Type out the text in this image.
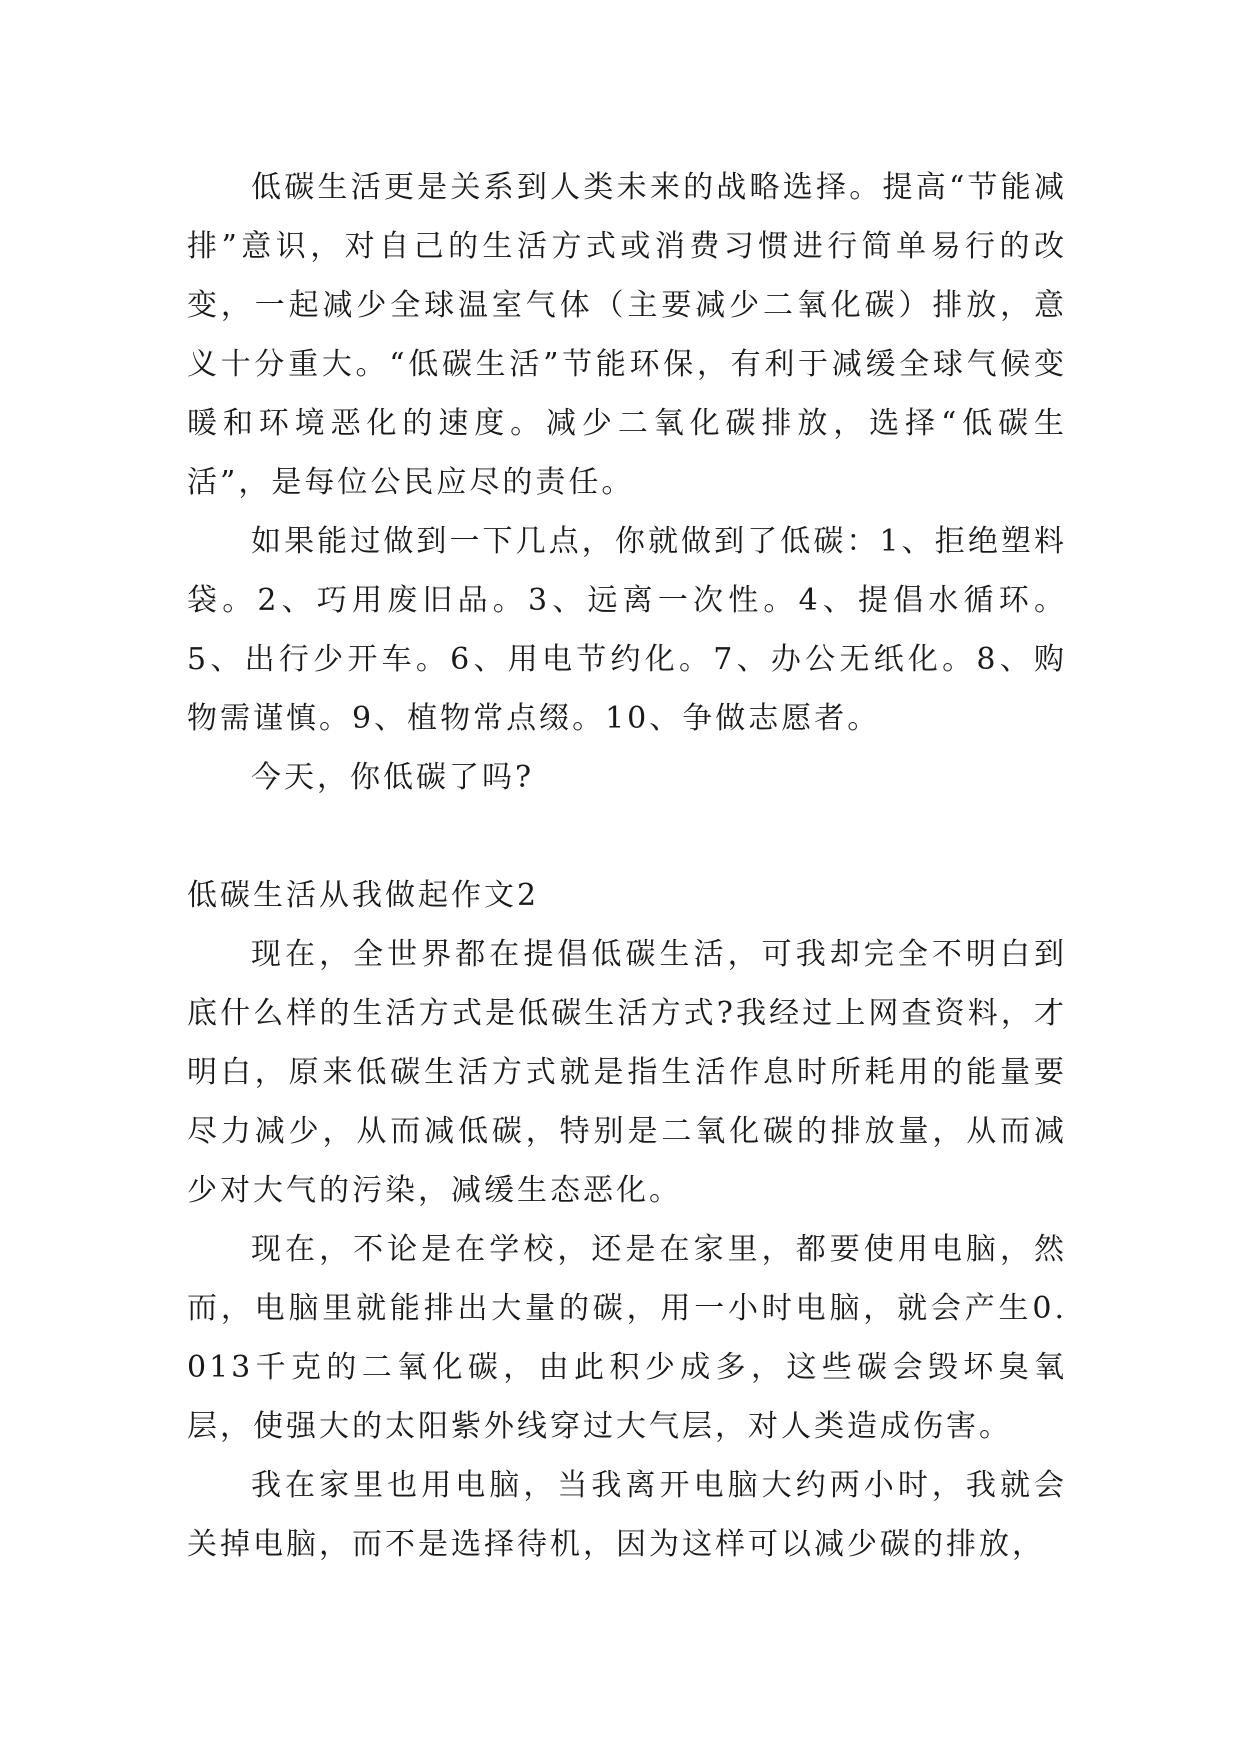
低碳生活更是关系到人类未来的战略选择。提高“节能减排”意识，对自己的生活方式或消费习惯进行简单易行的改变，一起减少全球温室气体（主要减少二氧化碳）排放，意义十分重大。“低碳生活”节能环保，有利于减缓全球气候变暖和环境恶化的速度。减少二氧化碳排放，选择“低碳生活”，是每位公民应尽的责任。

如果能过做到一下几点，你就做到了低碳：1、拒绝塑料袋。2、巧用废旧品。3、远离一次性。4、提倡水循环。5、出行少开车。6、用电节约化。7、办公无纸化。8、购物需谨慎。9、植物常点缀。10、争做志愿者。

今天，你低碳了吗?

低碳生活从我做起作文2

现在，全世界都在提倡低碳生活，可我却完全不明白到底什么样的生活方式是低碳生活方式?我经过上网查资料，才明白，原来低碳生活方式就是指生活作息时所耗用的能量要尽力减少，从而减低碳，特别是二氧化碳的排放量，从而减少对大气的污染，减缓生态恶化。

现在，不论是在学校，还是在家里，都要使用电脑，然而，电脑里就能排出大量的碳，用一小时电脑，就会产生0.013千克的二氧化碳，由此积少成多，这些碳会毁坏臭氧层，使强大的太阳紫外线穿过大气层，对人类造成伤害。

我在家里也用电脑，当我离开电脑大约两小时，我就会关掉电脑，而不是选择待机，因为这样可以减少碳的排放，
